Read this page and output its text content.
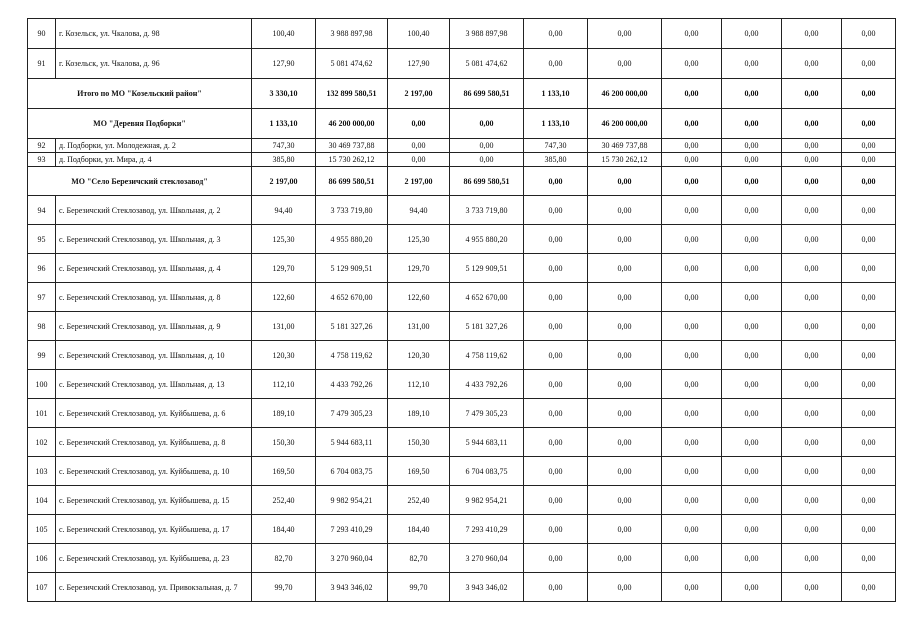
90	г. Козельск, ул. Чкалова, д. 98	100,40	3 988 897,98	100,40	3 988 897,98	0,00	0,00	0,00	0,00	0,00	0,00
91	г. Козельск, ул. Чкалова, д. 96	127,90	5 081 474,62	127,90	5 081 474,62	0,00	0,00	0,00	0,00	0,00	0,00
Итого по МО "Козельский район"		3 330,10	132 899 580,51	2 197,00	86 699 580,51	1 133,10	46 200 000,00	0,00	0,00	0,00	0,00
МО "Деревня Подборки"		1 133,10	46 200 000,00	0,00	0,00	1 133,10	46 200 000,00	0,00	0,00	0,00	0,00
92	д. Подборки, ул. Молодежная, д. 2	747,30	30 469 737,88	0,00	0,00	747,30	30 469 737,88	0,00	0,00	0,00	0,00
93	д. Подборки, ул. Мира, д. 4	385,80	15 730 262,12	0,00	0,00	385,80	15 730 262,12	0,00	0,00	0,00	0,00
МО "Село Березичский стеклозавод"		2 197,00	86 699 580,51	2 197,00	86 699 580,51	0,00	0,00	0,00	0,00	0,00	0,00
94	с. Березичский Стеклозавод, ул. Школьная, д. 2	94,40	3 733 719,80	94,40	3 733 719,80	0,00	0,00	0,00	0,00	0,00	0,00
95	с. Березичский Стеклозавод, ул. Школьная, д. 3	125,30	4 955 880,20	125,30	4 955 880,20	0,00	0,00	0,00	0,00	0,00	0,00
96	с. Березичский Стеклозавод, ул. Школьная, д. 4	129,70	5 129 909,51	129,70	5 129 909,51	0,00	0,00	0,00	0,00	0,00	0,00
97	с. Березичский Стеклозавод, ул. Школьная, д. 8	122,60	4 652 670,00	122,60	4 652 670,00	0,00	0,00	0,00	0,00	0,00	0,00
98	с. Березичский Стеклозавод, ул. Школьная, д. 9	131,00	5 181 327,26	131,00	5 181 327,26	0,00	0,00	0,00	0,00	0,00	0,00
99	с. Березичский Стеклозавод, ул. Школьная, д. 10	120,30	4 758 119,62	120,30	4 758 119,62	0,00	0,00	0,00	0,00	0,00	0,00
100	с. Березичский Стеклозавод, ул. Школьная, д. 13	112,10	4 433 792,26	112,10	4 433 792,26	0,00	0,00	0,00	0,00	0,00	0,00
101	с. Березичский Стеклозавод, ул. Куйбышева, д. 6	189,10	7 479 305,23	189,10	7 479 305,23	0,00	0,00	0,00	0,00	0,00	0,00
102	с. Березичский Стеклозавод, ул. Куйбышева, д. 8	150,30	5 944 683,11	150,30	5 944 683,11	0,00	0,00	0,00	0,00	0,00	0,00
103	с. Березичский Стеклозавод, ул. Куйбышева, д. 10	169,50	6 704 083,75	169,50	6 704 083,75	0,00	0,00	0,00	0,00	0,00	0,00
104	с. Березичский Стеклозавод, ул. Куйбышева, д. 15	252,40	9 982 954,21	252,40	9 982 954,21	0,00	0,00	0,00	0,00	0,00	0,00
105	с. Березичский Стеклозавод, ул. Куйбышева, д. 17	184,40	7 293 410,29	184,40	7 293 410,29	0,00	0,00	0,00	0,00	0,00	0,00
106	с. Березичский Стеклозавод, ул. Куйбышева, д. 23	82,70	3 270 960,04	82,70	3 270 960,04	0,00	0,00	0,00	0,00	0,00	0,00
107	с. Березичский Стеклозавод, ул. Привокзальная, д. 7	99,70	3 943 346,02	99,70	3 943 346,02	0,00	0,00	0,00	0,00	0,00	0,00
